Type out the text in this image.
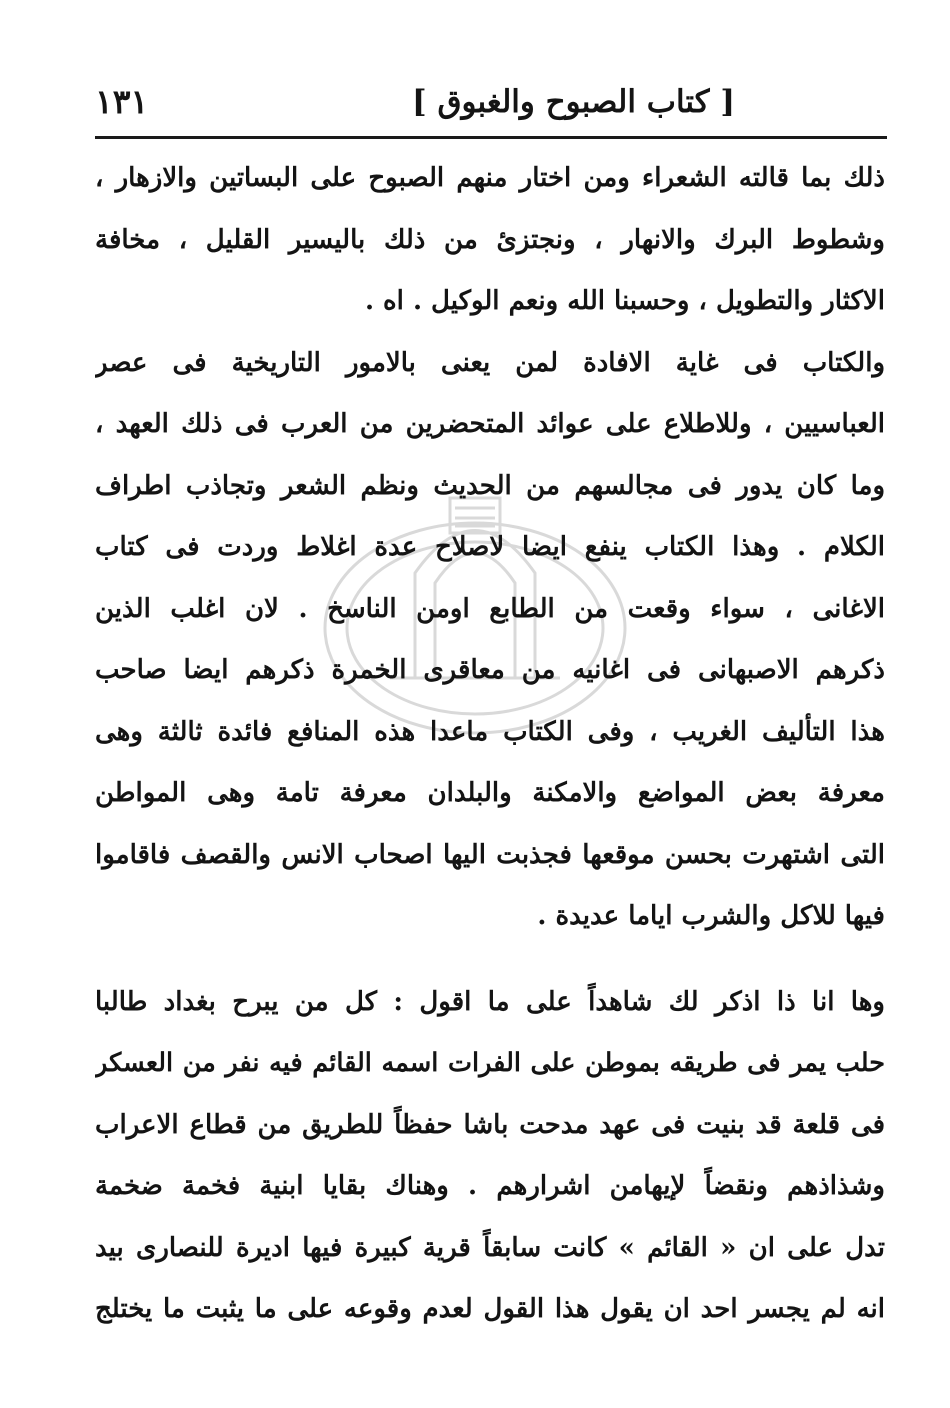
[ كتاب الصبوح والغبوق ]
١٣١
ذلك بما قالته الشعراء ومن اختار منهم الصبوح على البساتين والازهار ،
وشطوط البرك والانهار ، ونجتزئ من ذلك باليسير القليل ، مخافة
الاكثار والتطويل ، وحسبنا الله ونعم الوكيل . اه .
والكتاب فى غاية الافادة لمن يعنى بالامور التاريخية فى عصر
العباسيين ، وللاطلاع على عوائد المتحضرين من العرب فى ذلك العهد ،
وما كان يدور فى مجالسهم من الحديث ونظم الشعر وتجاذب اطراف
الكلام . وهذا الكتاب ينفع ايضا لاصلاح عدة اغلاط وردت فى كتاب
الاغانى ، سواء وقعت من الطابع اومن الناسخ . لان اغلب الذين
ذكرهم الاصبهانى فى اغانيه من معاقرى الخمرة ذكرهم ايضا صاحب
هذا التأليف الغريب ، وفى الكتاب ماعدا هذه المنافع فائدة ثالثة وهى
معرفة بعض المواضع والامكنة والبلدان معرفة تامة وهى المواطن
التى اشتهرت بحسن موقعها فجذبت اليها اصحاب الانس والقصف فاقاموا
فيها للاكل والشرب اياما عديدة .
وها انا ذا اذكر لك شاهداً على ما اقول : كل من يبرح بغداد طالبا
حلب يمر فى طريقه بموطن على الفرات اسمه القائم فيه نفر من العسكر
فى قلعة قد بنيت فى عهد مدحت باشا حفظاً للطريق من قطاع الاعراب
وشذاذهم ونقضاً لإيهامن اشرارهم . وهناك بقايا ابنية فخمة ضخمة
تدل على ان « القائم » كانت سابقاً قرية كبيرة فيها اديرة للنصارى بيد
انه لم يجسر احد ان يقول هذا القول لعدم وقوعه على ما يثبت ما يختلج
